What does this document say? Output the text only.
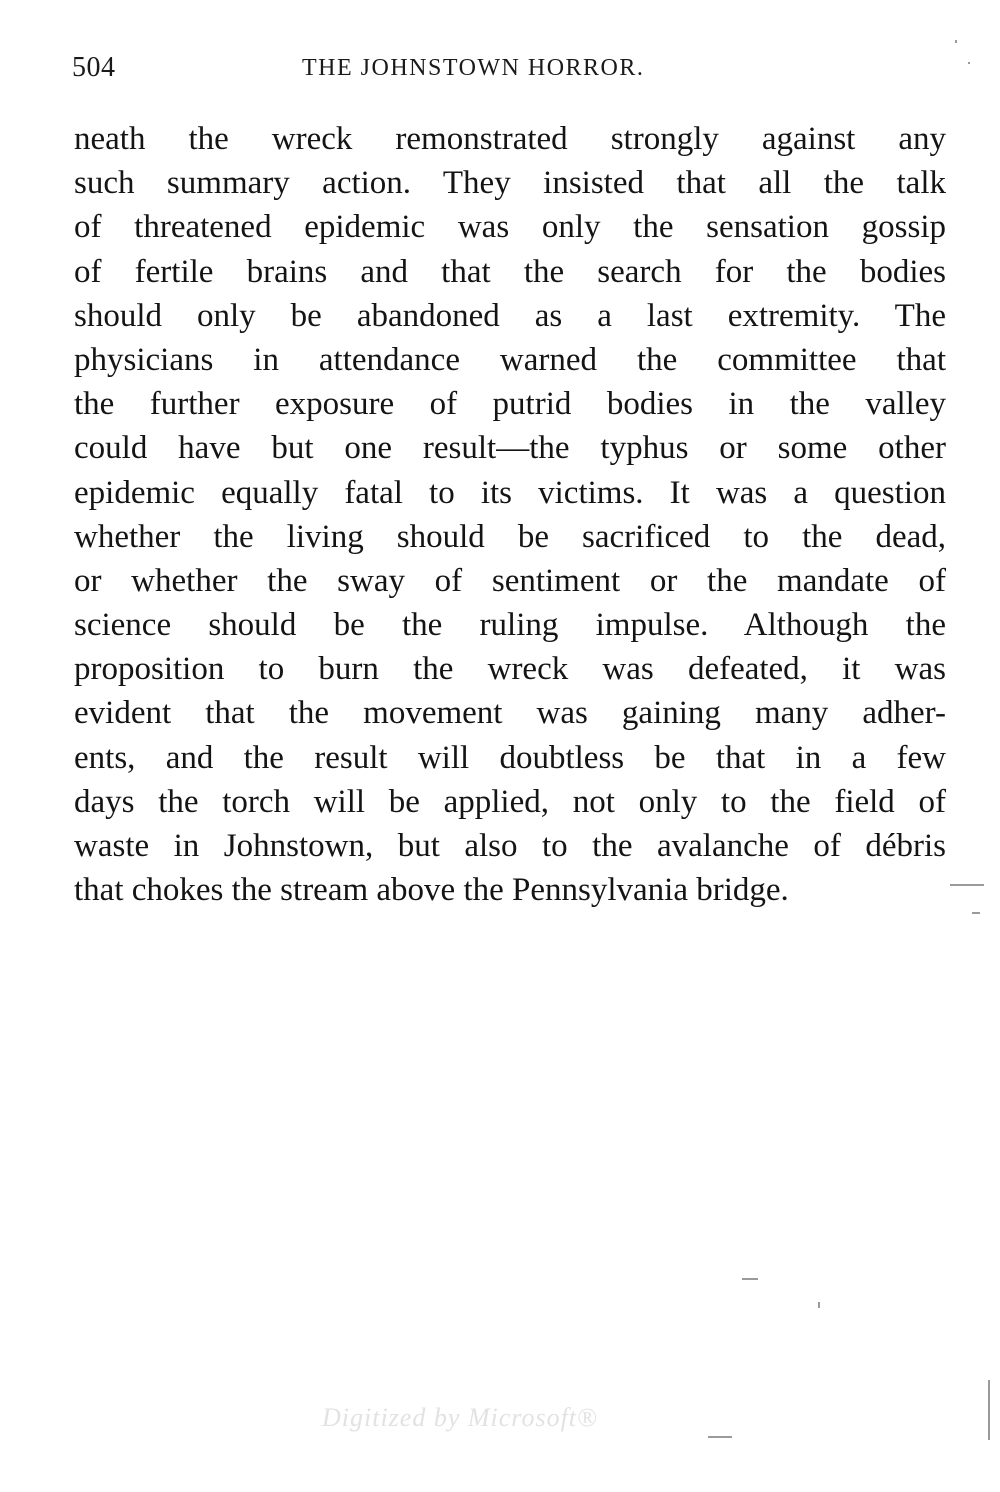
504	THE JOHNSTOWN HORROR.
neath the wreck remonstrated strongly against any
such summary action. They insisted that all the talk
of threatened epidemic was only the sensation gossip
of fertile brains and that the search for the bodies
should only be abandoned as a last extremity. The
physicians in attendance warned the committee that
the further exposure of putrid bodies in the valley
could have but one result—the typhus or some other
epidemic equally fatal to its victims. It was a question
whether the living should be sacrificed to the dead,
or whether the sway of sentiment or the mandate of
science should be the ruling impulse. Although the
proposition to burn the wreck was defeated, it was
evident that the movement was gaining many adher-
ents, and the result will doubtless be that in a few
days the torch will be applied, not only to the field of
waste in Johnstown, but also to the avalanche of débris
that chokes the stream above the Pennsylvania bridge.
Digitized by Microsoft®
